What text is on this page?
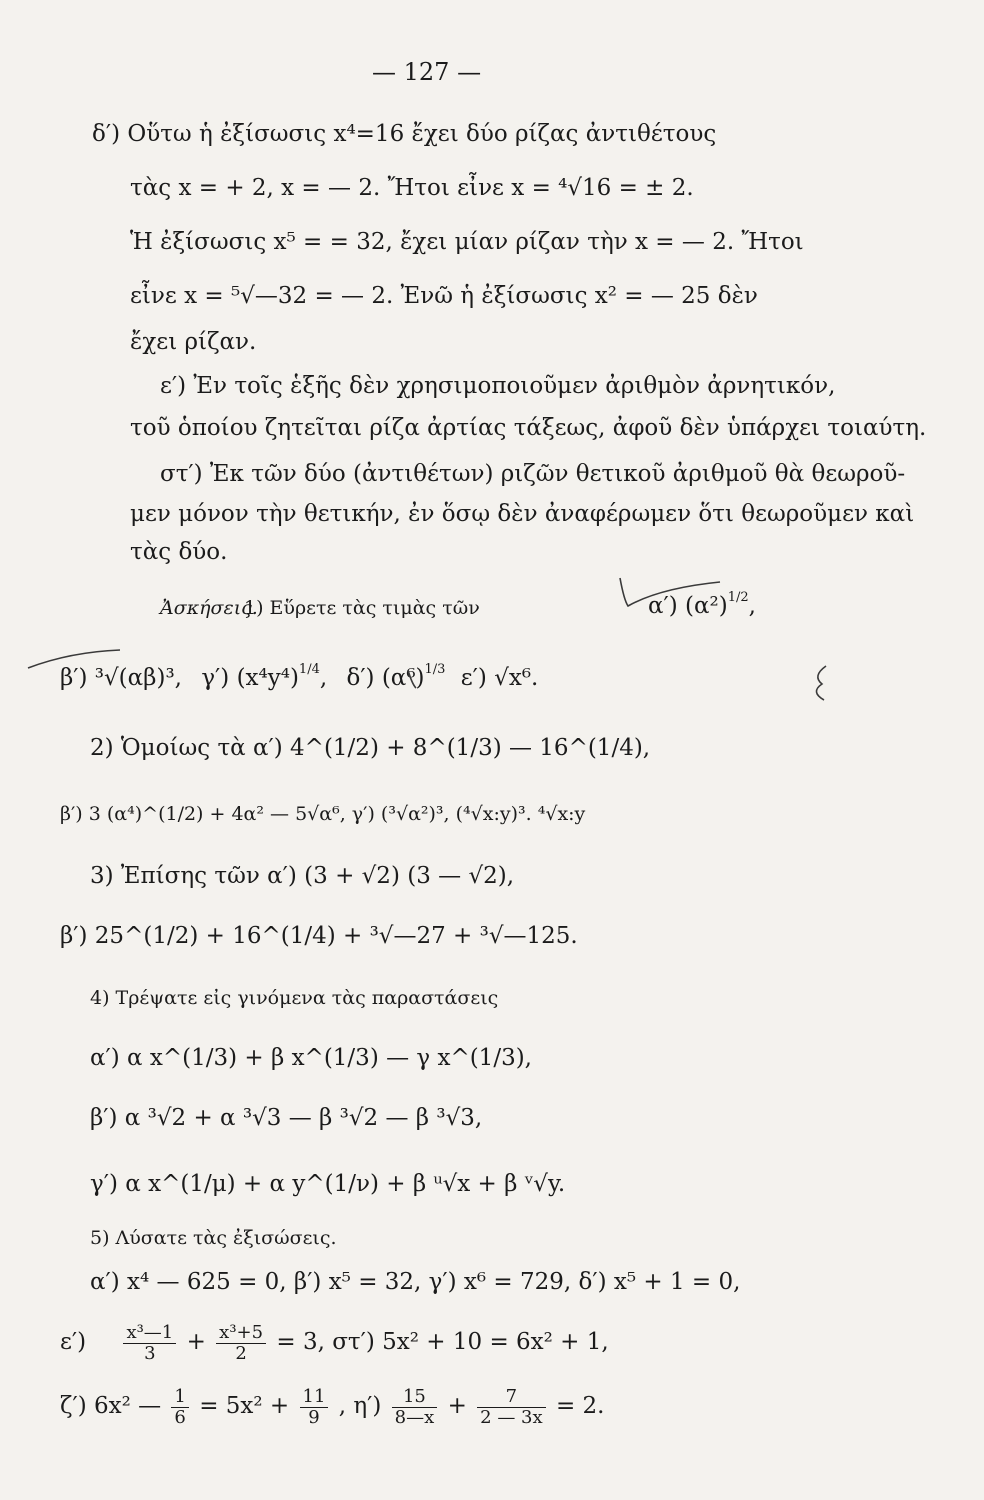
— 127 —
δ′) Οὕτω ἡ ἐξίσωσις x⁴=16 ἔχει δύο ρίζας ἀντιθέτους
τὰς x = + 2, x = — 2. Ἤτοι εἶνε x = ⁴√16 = ± 2.
Ἡ ἐξίσωσις x⁵ = = 32, ἔχει μίαν ρίζαν τὴν x = — 2. Ἤτοι
εἶνε x = ⁵√—32 = — 2. Ἐνῶ ἡ ἐξίσωσις x² = — 25 δὲν
ἔχει ρίζαν.
ε′) Ἐν τοῖς ἑξῆς δὲν χρησιμοποιοῦμεν ἀριθμὸν ἀρνητικόν,
τοῦ ὁποίου ζητεῖται ρίζα ἀρτίας τάξεως, ἀφοῦ δὲν ὑπάρχει τοιαύτη.
στ′) Ἐκ τῶν δύο (ἀντιθέτων) ριζῶν θετικοῦ ἀριθμοῦ θὰ θεωροῦ-
μεν μόνον τὴν θετικήν, ἐν ὅσῳ δὲν ἀναφέρωμεν ὅτι θεωροῦμεν καὶ
τὰς δύο.
Ἀσκήσεις.
1) Εὕρετε τὰς τιμὰς τῶν	α′) $(\alpha^2)^{1/2}$,
β′) ³√(αβ)³, γ′) $(x^4y^4)^{1/4}$, δ′) $(\alpha^6)^{1/3}$ ε′) √x⁶.
2) Ὁμοίως τὰ α′) 4^(1/2) + 8^(1/3) — 16^(1/4),
β′) 3 (α⁴)^(1/2) + 4α² — 5√α⁶, γ′) (³√α²)³, (⁴√x:y)³. ⁴√x:y
3) Ἐπίσης τῶν α′) (3 + √2) (3 — √2),
β′) 25^(1/2) + 16^(1/4) + ³√—27 + ³√—125.
4) Τρέψατε εἰς γινόμενα τὰς παραστάσεις
α′) α x^(1/3) + β x^(1/3) — γ x^(1/3),
β′) α ³√2 + α ³√3 — β ³√2 — β ³√3,
γ′) α x^(1/μ) + α y^(1/ν) + β ᵘ√x + β ᵛ√y.
5) Λύσατε τὰς ἐξισώσεις.
α′) x⁴ — 625 = 0, β′) x⁵ = 32, γ′) x⁶ = 729, δ′) x⁵ + 1 = 0,
$\varepsilon') \frac{\text{x³—1}}{3} + \frac{\text{x³+5}}{2} = 3$, στ′) 5x² + 10 = 6x² + 1,
ζ′) 6x² — $\frac{1}{6} = 5x^2 + \frac{11}{9}$ , $\eta') \frac{15}{8—x} + \frac{7}{2 — 3x} = 2$.
